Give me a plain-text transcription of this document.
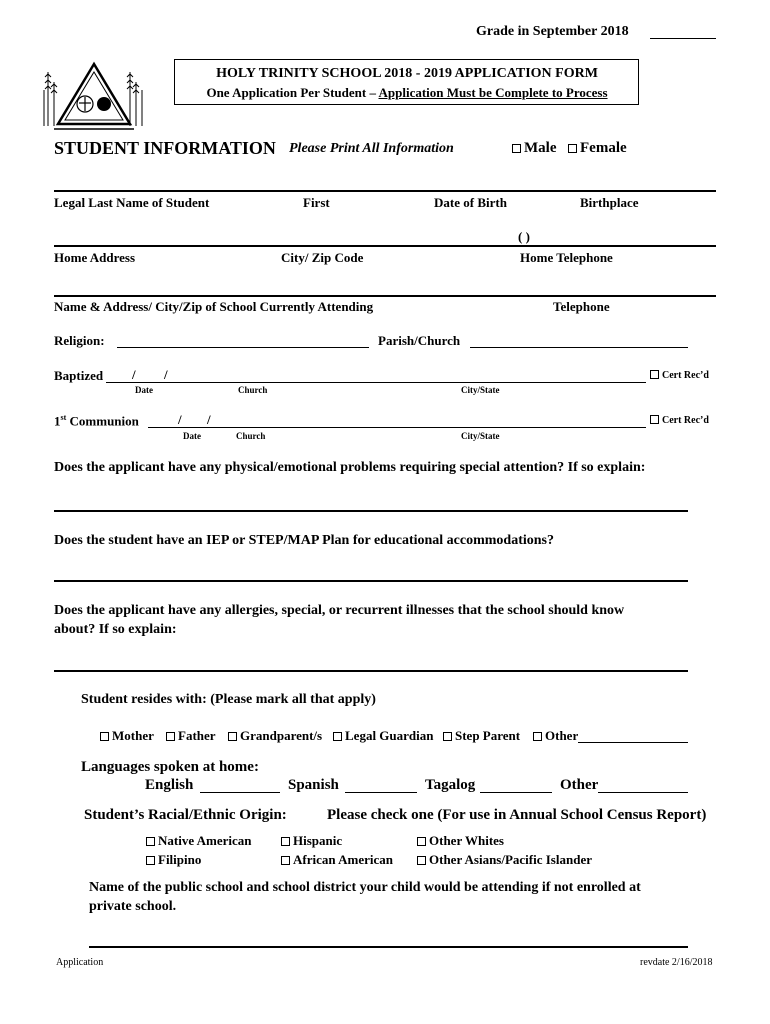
Grade in September 2018
HOLY TRINITY SCHOOL 2018 - 2019 APPLICATION FORM
One Application Per Student – Application Must be Complete to Process
STUDENT INFORMATION Please Print All Information	Male	Female
Legal Last Name of Student	First	Date of Birth	Birthplace
( )
Home Address	City/ Zip Code	Home Telephone
Name & Address/ City/Zip of School Currently Attending	Telephone
Religion:	Parish/Church
Baptized / /	Cert Rec’d
Date	Church	City/State
1st Communion	/ /	Cert Rec’d
Date	Church	City/State
Does the applicant have any physical/emotional problems requiring special attention? If so explain:
Does the student have an IEP or STEP/MAP Plan for educational accommodations?
Does the applicant have any allergies, special, or recurrent illnesses that the school should know
about? If so explain:
Student resides with: (Please mark all that apply)
Mother	Father	Grandparent/s	Legal Guardian	Step Parent	Other
Languages spoken at home:
English	Spanish	Tagalog	Other
Student’s Racial/Ethnic Origin:	Please check one (For use in Annual School Census Report)
Native American	Hispanic	Other Whites
Filipino	African American	Other Asians/Pacific Islander
Name of the public school and school district your child would be attending if not enrolled at
private school.
Application	revdate 2/16/2018
